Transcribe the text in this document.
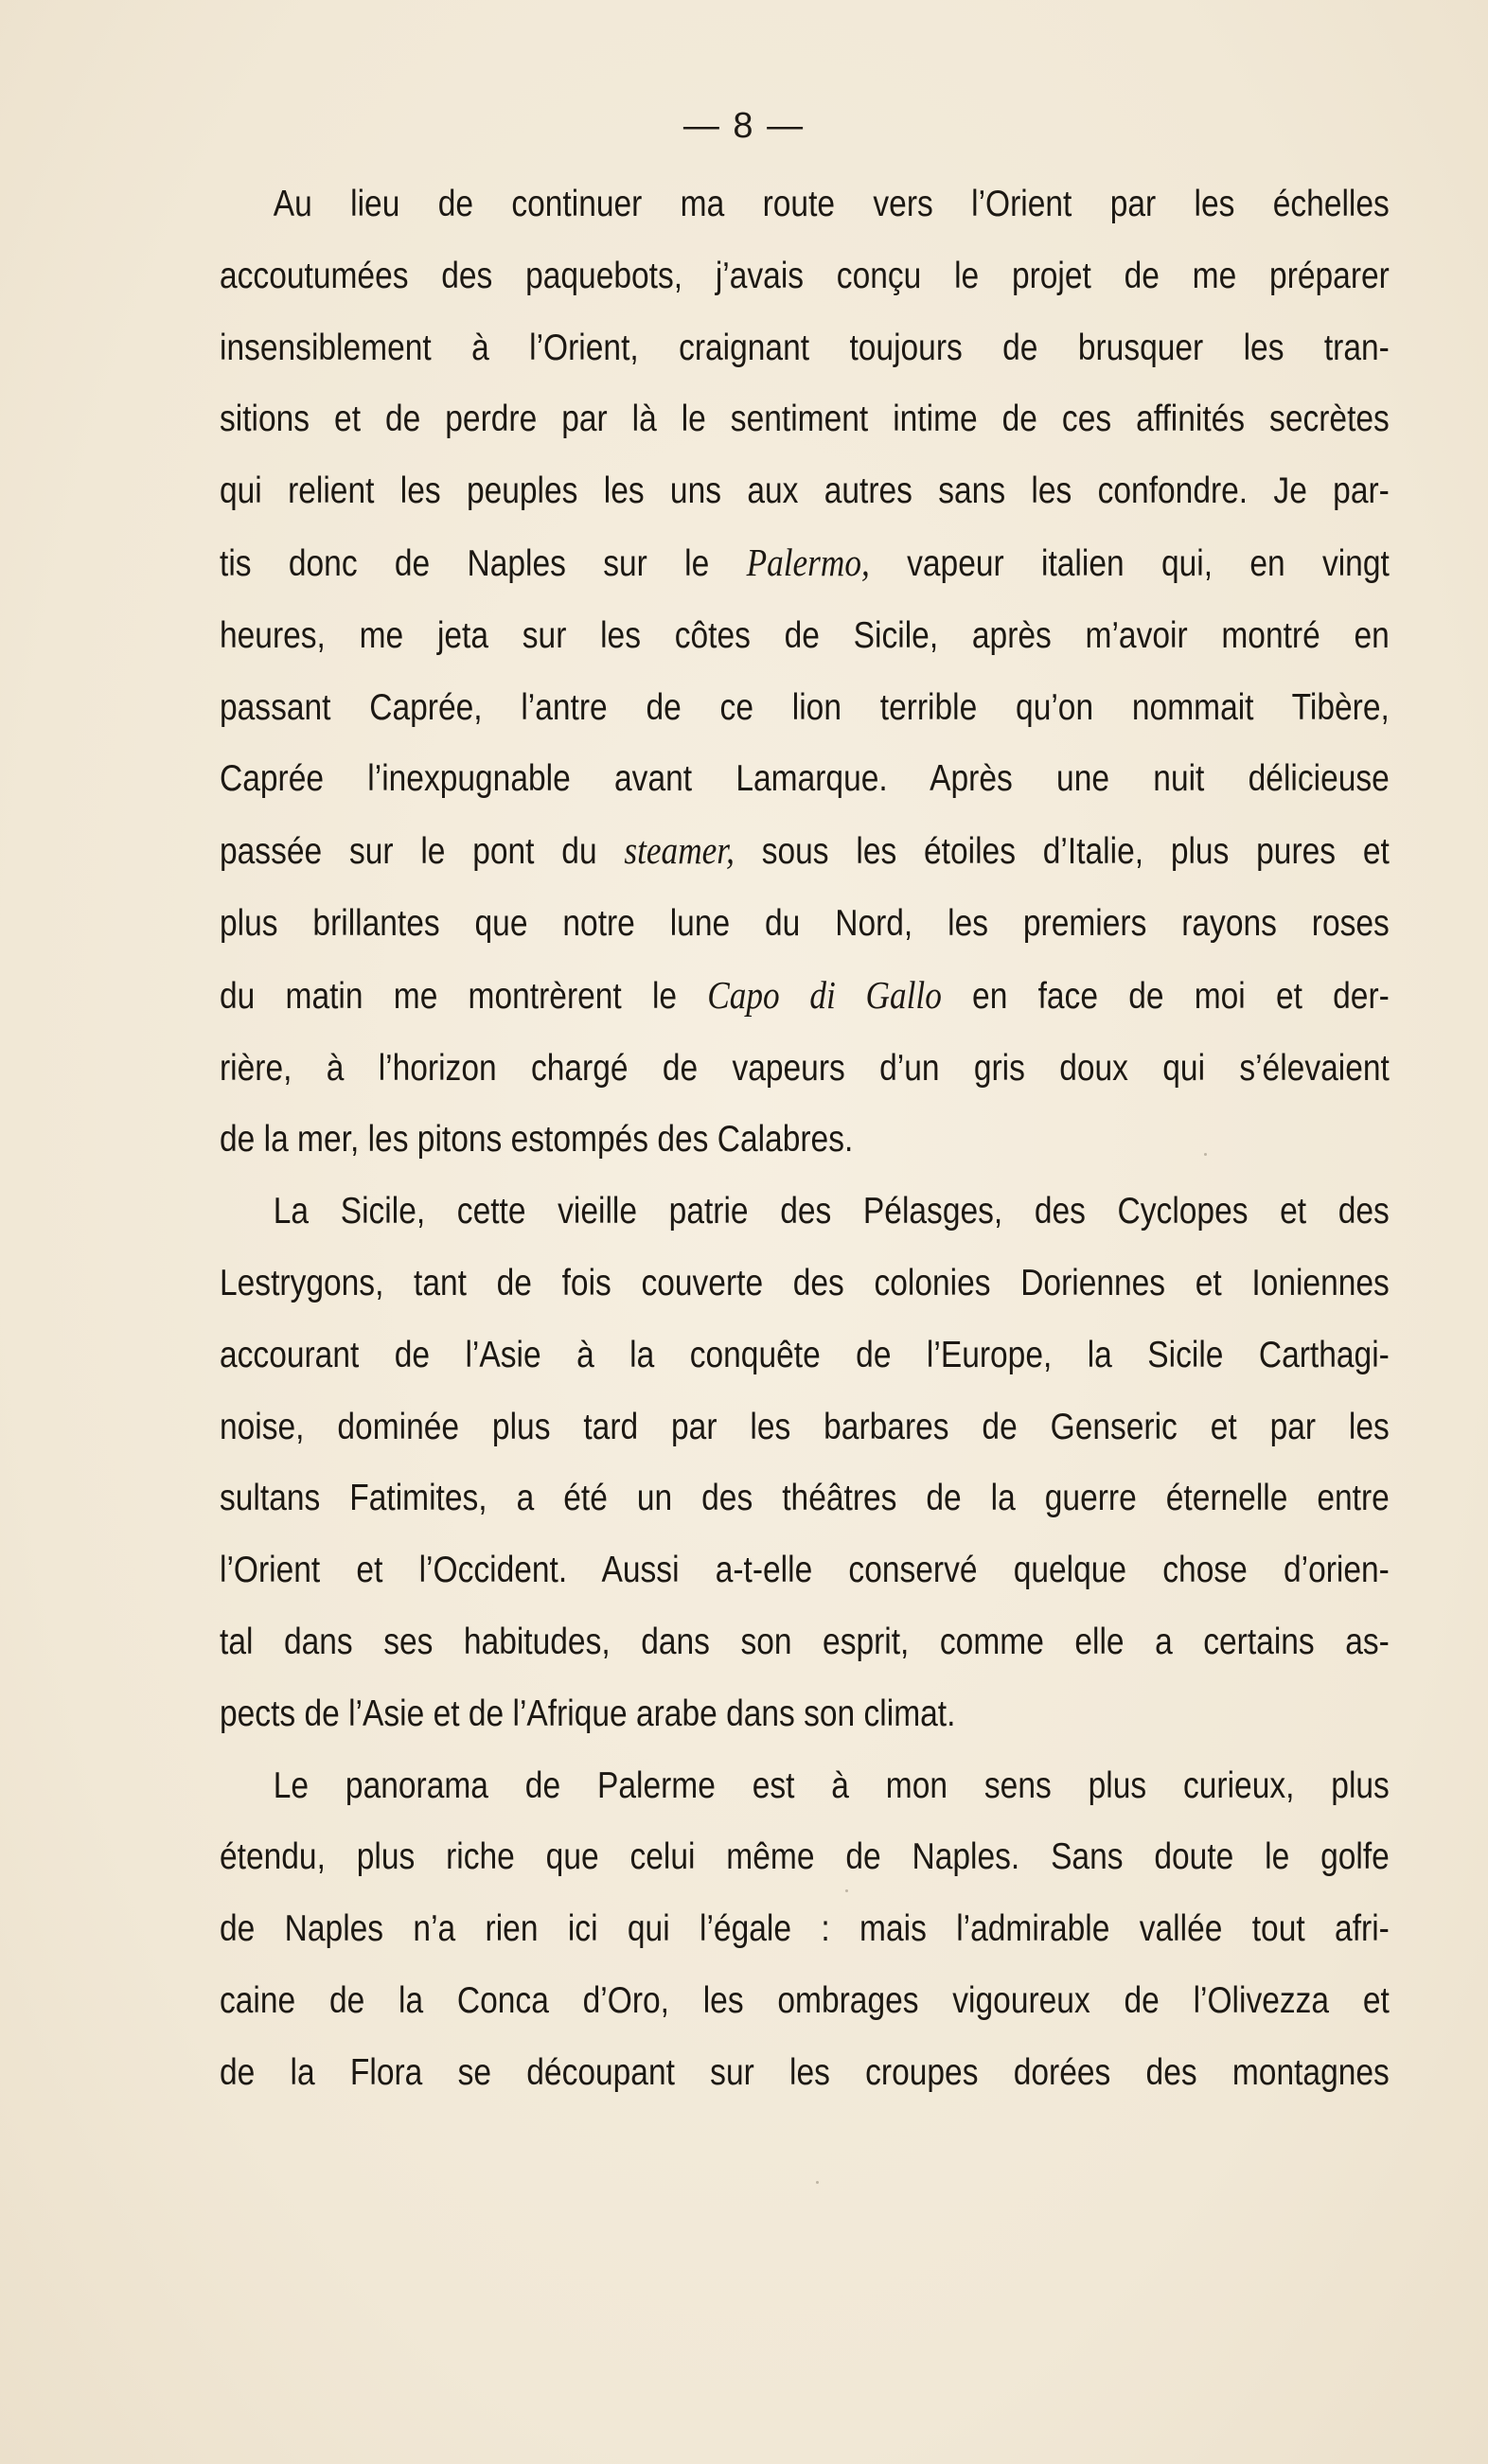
— 8 —
Au lieu de continuer ma route vers l’Orient par les échelles
accoutumées des paquebots, j’avais conçu le projet de me préparer
insensiblement à l’Orient, craignant toujours de brusquer les tran-
sitions et de perdre par là le sentiment intime de ces affinités secrètes
qui relient les peuples les uns aux autres sans les confondre. Je par-
tis donc de Naples sur le Palermo, vapeur italien qui, en vingt
heures, me jeta sur les côtes de Sicile, après m’avoir montré en
passant Caprée, l’antre de ce lion terrible qu’on nommait Tibère,
Caprée l’inexpugnable avant Lamarque. Après une nuit délicieuse
passée sur le pont du steamer, sous les étoiles d’Italie, plus pures et
plus brillantes que notre lune du Nord, les premiers rayons roses
du matin me montrèrent le Capo di Gallo en face de moi et der-
rière, à l’horizon chargé de vapeurs d’un gris doux qui s’élevaient
de la mer, les pitons estompés des Calabres.
La Sicile, cette vieille patrie des Pélasges, des Cyclopes et des
Lestrygons, tant de fois couverte des colonies Doriennes et Ioniennes
accourant de l’Asie à la conquête de l’Europe, la Sicile Carthagi-
noise, dominée plus tard par les barbares de Genseric et par les
sultans Fatimites, a été un des théâtres de la guerre éternelle entre
l’Orient et l’Occident. Aussi a-t-elle conservé quelque chose d’orien-
tal dans ses habitudes, dans son esprit, comme elle a certains as-
pects de l’Asie et de l’Afrique arabe dans son climat.
Le panorama de Palerme est à mon sens plus curieux, plus
étendu, plus riche que celui même de Naples. Sans doute le golfe
de Naples n’a rien ici qui l’égale : mais l’admirable vallée tout afri-
caine de la Conca d’Oro, les ombrages vigoureux de l’Olivezza et
de la Flora se découpant sur les croupes dorées des montagnes
